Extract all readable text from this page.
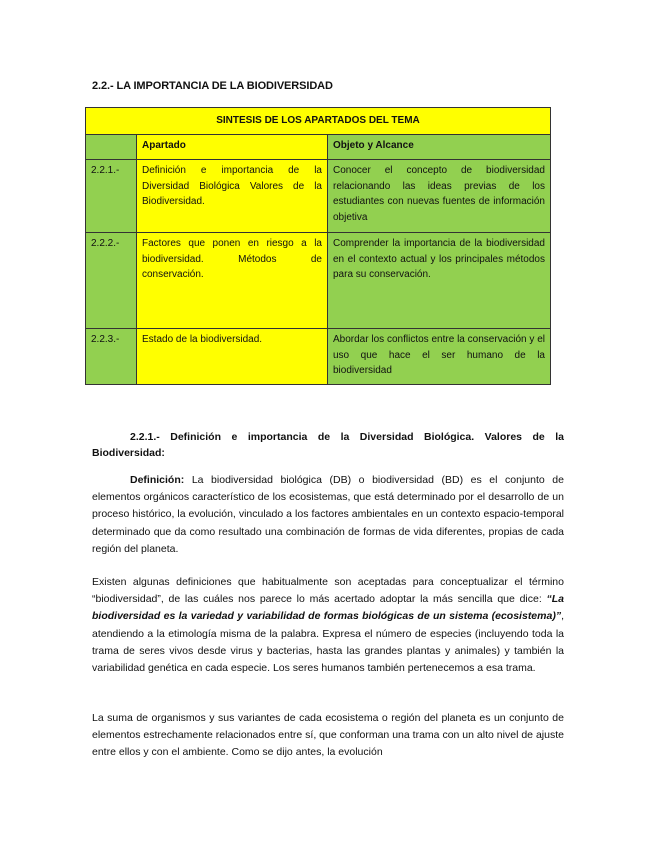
2.2.- LA IMPORTANCIA DE LA BIODIVERSIDAD
SINTESIS DE LOS APARTADOS DEL TEMA		
	Apartado	Objeto y Alcance
2.2.1.-	Definición e importancia de la Diversidad Biológica Valores de la Biodiversidad.	Conocer el concepto de biodiversidad relacionando las ideas previas de los estudiantes con nuevas fuentes de información objetiva
2.2.2.-	Factores que ponen en riesgo a la biodiversidad. Métodos de conservación.	Comprender la importancia de la biodiversidad en el contexto actual y los principales métodos para su conservación.
2.2.3.-	Estado de la biodiversidad.	Abordar los conflictos entre la conservación y el uso que hace el ser humano de la biodiversidad
2.2.1.- Definición e importancia de la Diversidad Biológica. Valores de la Biodiversidad:

Definición: La biodiversidad biológica (DB) o biodiversidad (BD) es el conjunto de elementos orgánicos característico de los ecosistemas, que está determinado por el desarrollo de un proceso histórico, la evolución, vinculado a los factores ambientales en un contexto espacio-temporal determinado que da como resultado una combinación de formas de vida diferentes, propias de cada región del planeta.

Existen algunas definiciones que habitualmente son aceptadas para conceptualizar el término “biodiversidad”, de las cuáles nos parece lo más acertado adoptar la más sencilla que dice: “La biodiversidad es la variedad y variabilidad de formas biológicas de un sistema (ecosistema)”, atendiendo a la etimología misma de la palabra. Expresa el número de especies (incluyendo toda la trama de seres vivos desde virus y bacterias, hasta las grandes plantas y animales) y también la variabilidad genética en cada especie. Los seres humanos también pertenecemos a esa trama.

La suma de organismos y sus variantes de cada ecosistema o región del planeta es un conjunto de elementos estrechamente relacionados entre sí, que conforman una trama con un alto nivel de ajuste entre ellos y con el ambiente. Como se dijo antes, la evolución
